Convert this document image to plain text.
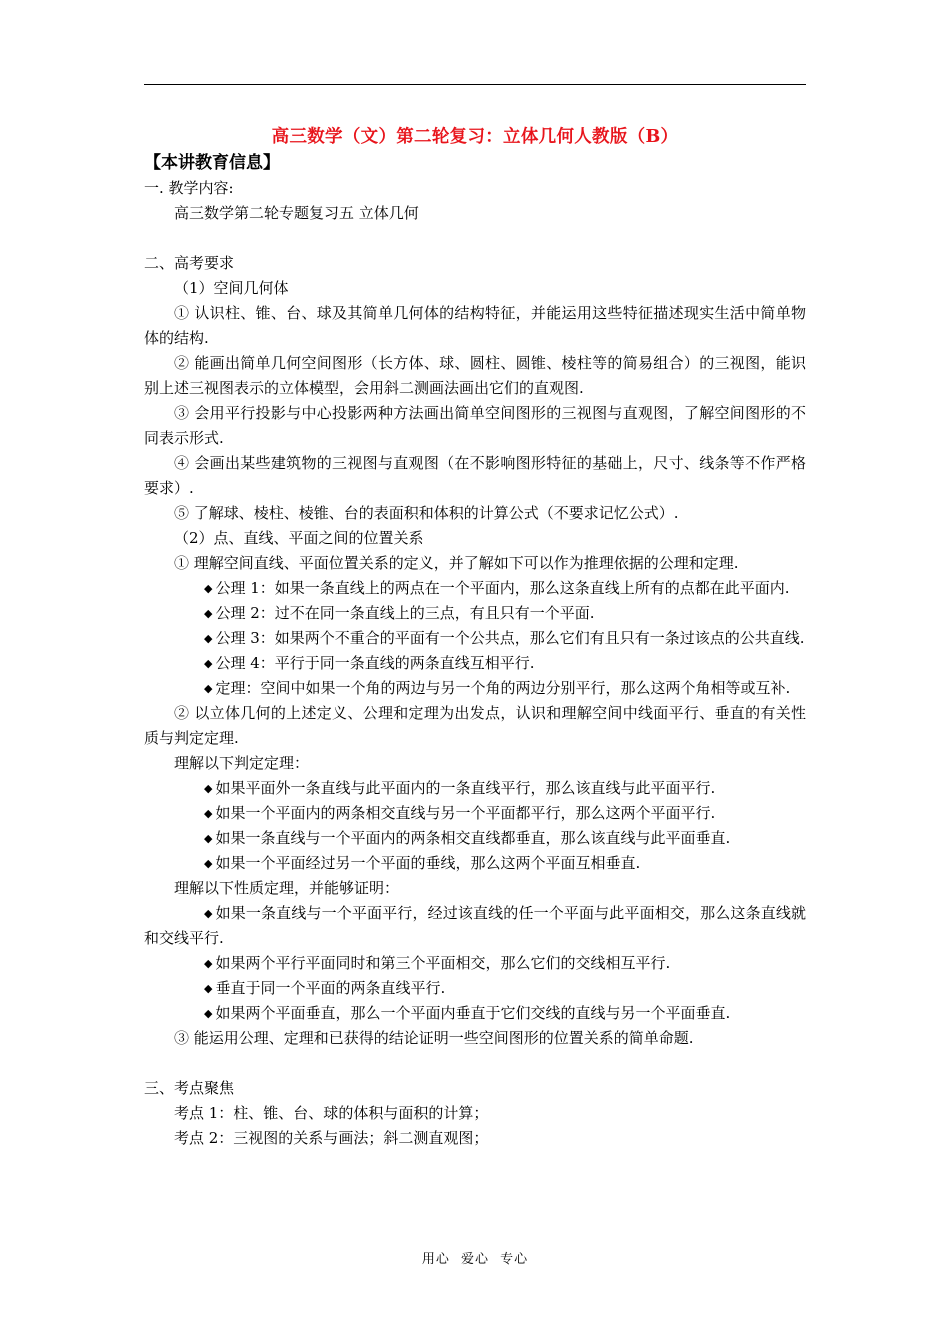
高三数学（文）第二轮复习：立体几何人教版（B）
【本讲教育信息】
一. 教学内容:
高三数学第二轮专题复习五 立体几何
二、高考要求
（1）空间几何体
① 认识柱、锥、台、球及其简单几何体的结构特征，并能运用这些特征描述现实生活中简单物体的结构.
② 能画出简单几何空间图形（长方体、球、圆柱、圆锥、棱柱等的简易组合）的三视图，能识别上述三视图表示的立体模型，会用斜二测画法画出它们的直观图.
③ 会用平行投影与中心投影两种方法画出简单空间图形的三视图与直观图，了解空间图形的不同表示形式.
④ 会画出某些建筑物的三视图与直观图（在不影响图形特征的基础上，尺寸、线条等不作严格要求）.
⑤ 了解球、棱柱、棱锥、台的表面积和体积的计算公式（不要求记忆公式）.
（2）点、直线、平面之间的位置关系
① 理解空间直线、平面位置关系的定义，并了解如下可以作为推理依据的公理和定理.
◆ 公理 1：如果一条直线上的两点在一个平面内，那么这条直线上所有的点都在此平面内.
◆ 公理 2：过不在同一条直线上的三点，有且只有一个平面.
◆ 公理 3：如果两个不重合的平面有一个公共点，那么它们有且只有一条过该点的公共直线.
◆ 公理 4：平行于同一条直线的两条直线互相平行.
◆ 定理：空间中如果一个角的两边与另一个角的两边分别平行，那么这两个角相等或互补.
② 以立体几何的上述定义、公理和定理为出发点，认识和理解空间中线面平行、垂直的有关性质与判定定理.
理解以下判定定理：
◆ 如果平面外一条直线与此平面内的一条直线平行，那么该直线与此平面平行.
◆ 如果一个平面内的两条相交直线与另一个平面都平行，那么这两个平面平行.
◆ 如果一条直线与一个平面内的两条相交直线都垂直，那么该直线与此平面垂直.
◆ 如果一个平面经过另一个平面的垂线，那么这两个平面互相垂直.
理解以下性质定理，并能够证明：
◆ 如果一条直线与一个平面平行，经过该直线的任一个平面与此平面相交，那么这条直线就和交线平行.
◆ 如果两个平行平面同时和第三个平面相交，那么它们的交线相互平行.
◆ 垂直于同一个平面的两条直线平行.
◆ 如果两个平面垂直，那么一个平面内垂直于它们交线的直线与另一个平面垂直.
③ 能运用公理、定理和已获得的结论证明一些空间图形的位置关系的简单命题.
三、考点聚焦
考点 1：柱、锥、台、球的体积与面积的计算；
考点 2：三视图的关系与画法；斜二测直观图；
用心 爱心 专心
